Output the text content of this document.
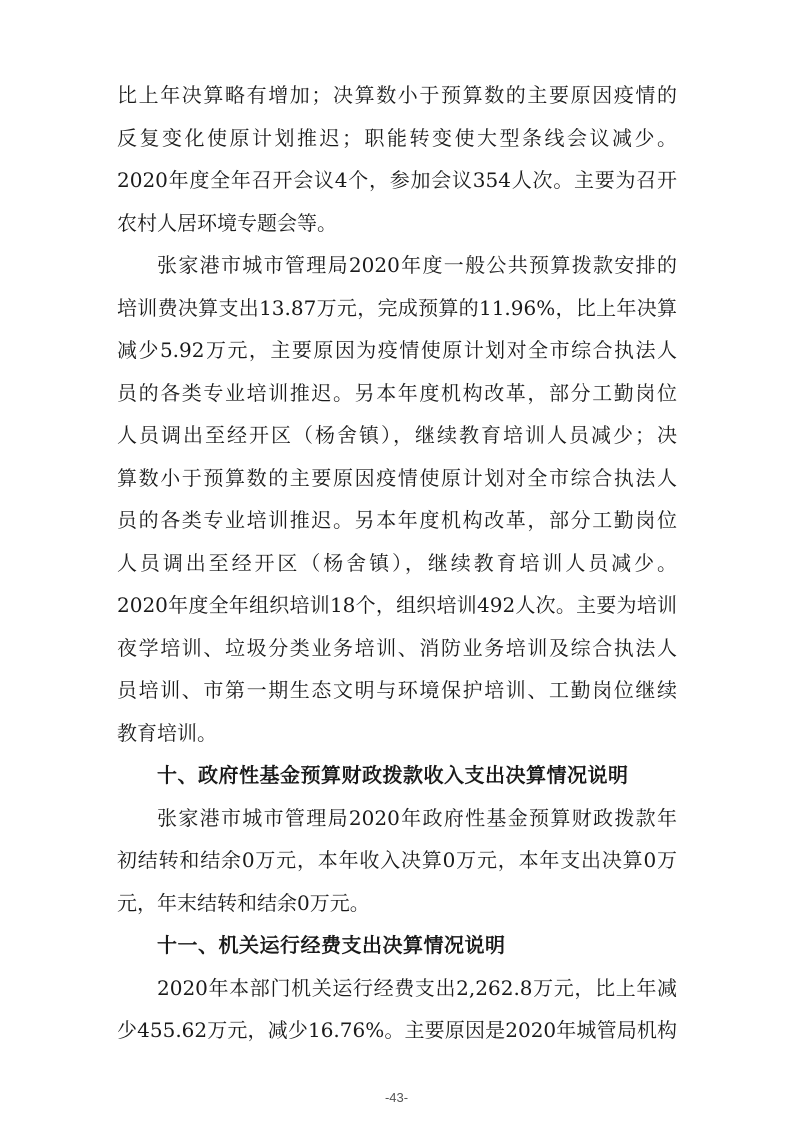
比上年决算略有增加；决算数小于预算数的主要原因疫情的
反复变化使原计划推迟；职能转变使大型条线会议减少。
2020年度全年召开会议4个，参加会议354人次。主要为召开
农村人居环境专题会等。
张家港市城市管理局2020年度一般公共预算拨款安排的
培训费决算支出13.87万元，完成预算的11.96%，比上年决算
减少5.92万元，主要原因为疫情使原计划对全市综合执法人
员的各类专业培训推迟。另本年度机构改革，部分工勤岗位
人员调出至经开区（杨舍镇），继续教育培训人员减少；决
算数小于预算数的主要原因疫情使原计划对全市综合执法人
员的各类专业培训推迟。另本年度机构改革，部分工勤岗位
人员调出至经开区（杨舍镇），继续教育培训人员减少。
2020年度全年组织培训18个，组织培训492人次。主要为培训
夜学培训、垃圾分类业务培训、消防业务培训及综合执法人
员培训、市第一期生态文明与环境保护培训、工勤岗位继续
教育培训。
十、政府性基金预算财政拨款收入支出决算情况说明
张家港市城市管理局2020年政府性基金预算财政拨款年
初结转和结余0万元，本年收入决算0万元，本年支出决算0万
元，年末结转和结余0万元。
十一、机关运行经费支出决算情况说明
2020年本部门机关运行经费支出2,262.8万元，比上年减
少455.62万元，减少16.76%。主要原因是2020年城管局机构
-43-
